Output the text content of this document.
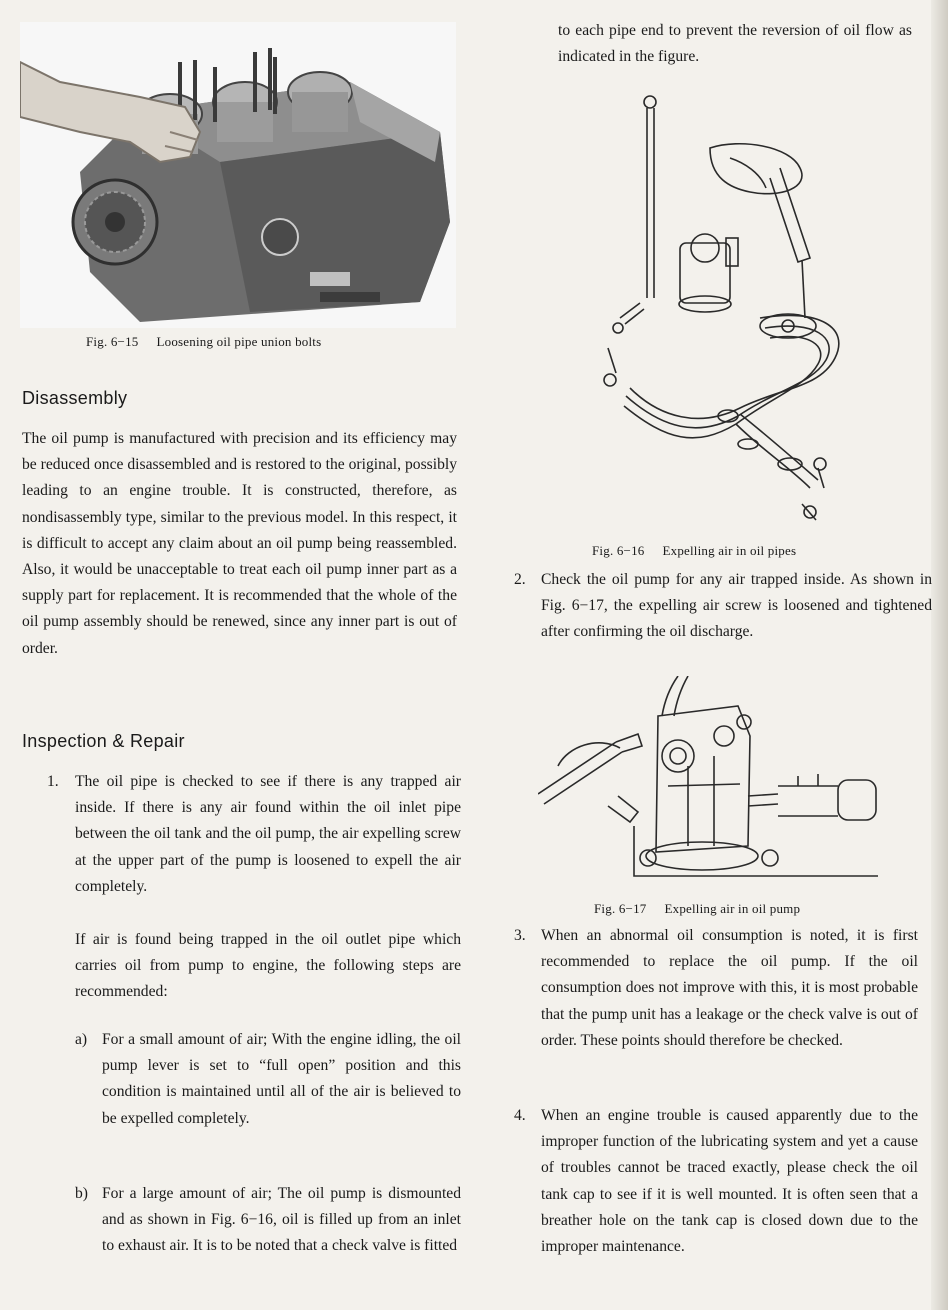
Fig. 6−15 Loosening oil pipe union bolts
Disassembly

The oil pump is manufactured with precision and its efficiency may be reduced once disassembled and is restored to the original, possibly leading to an engine trouble. It is constructed, therefore, as nondisassembly type, similar to the previous model. In this respect, it is difficult to accept any claim about an oil pump being reassembled. Also, it would be unacceptable to treat each oil pump inner part as a supply part for replacement. It is recommended that the whole of the oil pump assembly should be renewed, since any inner part is out of order.

Inspection & Repair
1. The oil pipe is checked to see if there is any trapped air inside. If there is any air found within the oil inlet pipe between the oil tank and the oil pump, the air expelling screw at the upper part of the pump is loosened to expell the air completely.
If air is found being trapped in the oil outlet pipe which carries oil from pump to engine, the following steps are recommended:
a) For a small amount of air; With the engine idling, the oil pump lever is set to “full open” position and this condition is maintained until all of the air is believed to be expelled completely.
b) For a large amount of air; The oil pump is dismounted and as shown in Fig. 6−16, oil is filled up from an inlet to exhaust air. It is to be noted that a check valve is fitted

to each pipe end to prevent the reversion of oil flow as indicated in the figure.

Fig. 6−16 Expelling air in oil pipes
2. Check the oil pump for any air trapped inside. As shown in Fig. 6−17, the expelling air screw is loosened and tightened after confirming the oil discharge.
Fig. 6−17 Expelling air in oil pump
3. When an abnormal oil consumption is noted, it is first recommended to replace the oil pump. If the oil consumption does not improve with this, it is most probable that the pump unit has a leakage or the check valve is out of order. These points should therefore be checked.
4. When an engine trouble is caused apparently due to the improper function of the lubricating system and yet a cause of troubles cannot be traced exactly, please check the oil tank cap to see if it is well mounted. It is often seen that a breather hole on the tank cap is closed down due to the improper maintenance.
